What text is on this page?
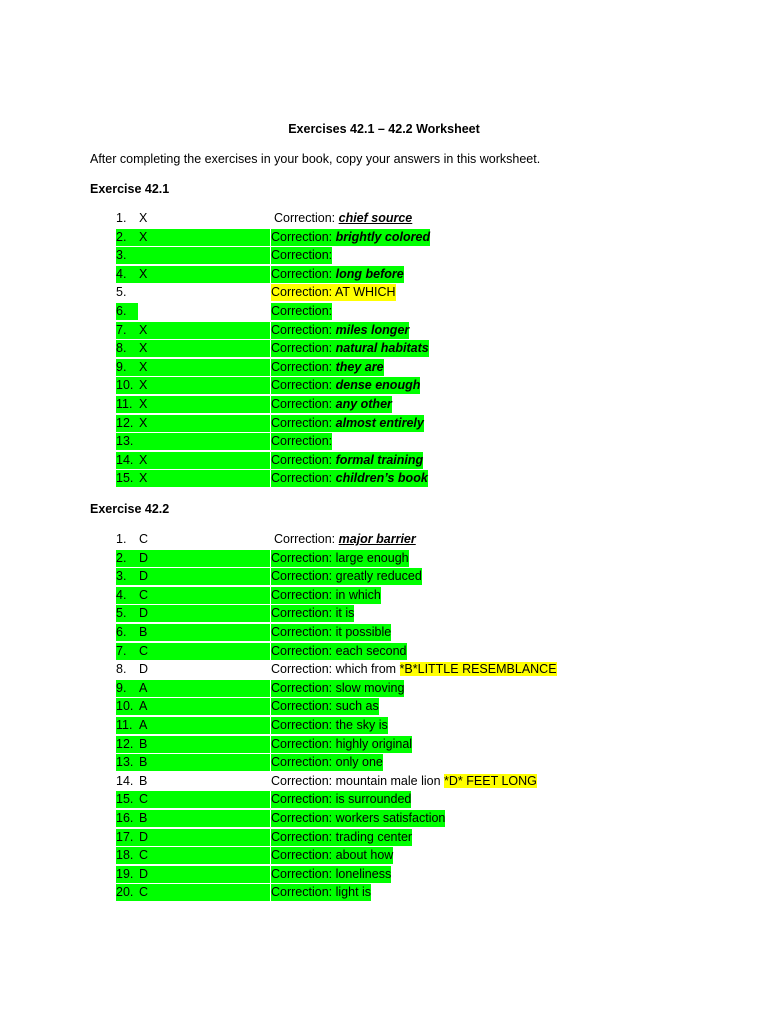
Exercises 42.1 – 42.2 Worksheet
After completing the exercises in your book, copy your answers in this worksheet.
Exercise 42.1
1. X	Correction: chief source
2. X	Correction: brightly colored
3.	Correction:
4. X	Correction: long before
5.	Correction: AT WHICH
6.	Correction:
7. X	Correction: miles longer
8. X	Correction: natural habitats
9. X	Correction: they are
10. X	Correction: dense enough
11. X	Correction: any other
12. X	Correction: almost entirely
13.	Correction:
14. X	Correction: formal training
15. X	Correction: children’s book
Exercise 42.2
1. C	Correction: major barrier
2. D	Correction: large enough
3. D	Correction: greatly reduced
4. C	Correction: in which
5. D	Correction: it is
6. B	Correction: it possible
7. C	Correction: each second
8. D	Correction: which from *B*LITTLE RESEMBLANCE
9. A	Correction: slow moving
10. A	Correction: such as
11. A	Correction: the sky is
12. B	Correction: highly original
13. B	Correction: only one
14. B	Correction: mountain male lion *D* FEET LONG
15. C	Correction: is surrounded
16. B	Correction: workers satisfaction
17. D	Correction: trading center
18. C	Correction: about how
19. D	Correction: loneliness
20. C	Correction: light is
